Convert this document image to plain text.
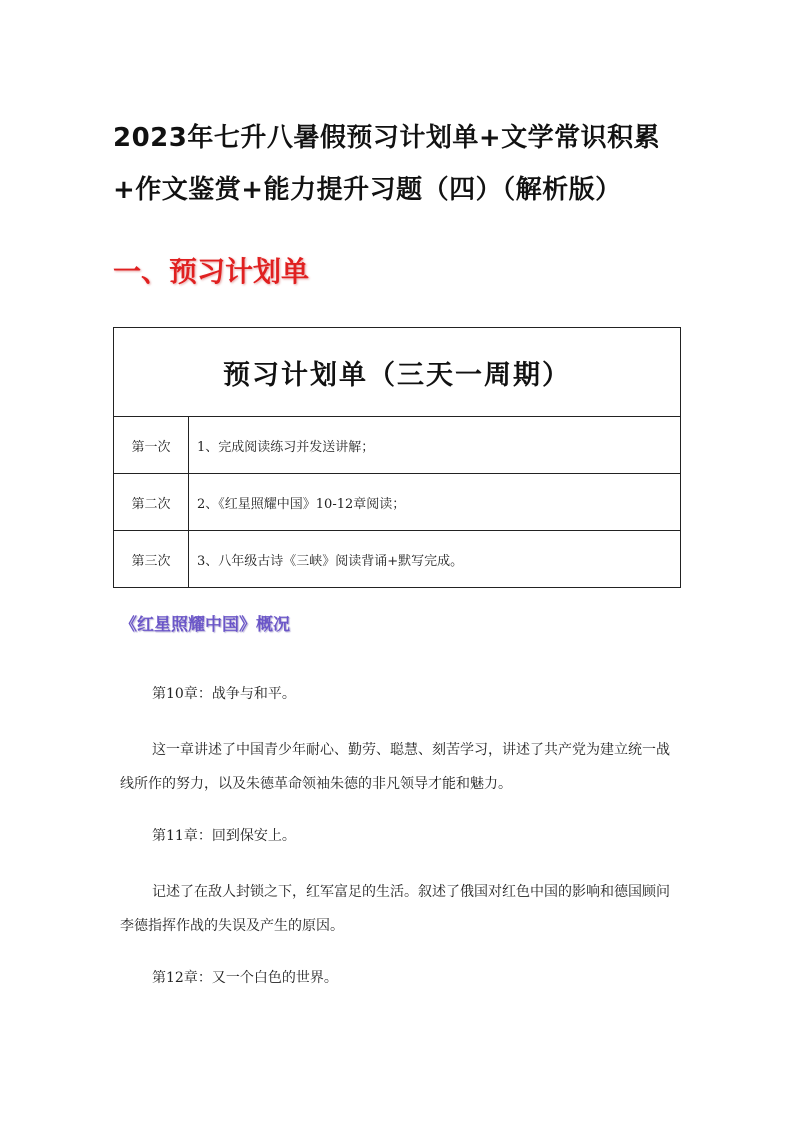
2023年七升八暑假预习计划单+文学常识积累+作文鉴赏+能力提升习题（四）（解析版）
一、预习计划单
预习计划单（三天一周期）	
第一次	1、完成阅读练习并发送讲解；
第二次	2、《红星照耀中国》10-12章阅读；
第三次	3、八年级古诗《三峡》阅读背诵+默写完成。
《红星照耀中国》概况

第10章：战争与和平。

这一章讲述了中国青少年耐心、勤劳、聪慧、刻苦学习，讲述了共产党为建立统一战线所作的努力，以及朱德革命领袖朱德的非凡领导才能和魅力。

第11章：回到保安上。

记述了在敌人封锁之下，红军富足的生活。叙述了俄国对红色中国的影响和德国顾问李德指挥作战的失误及产生的原因。

第12章：又一个白色的世界。
